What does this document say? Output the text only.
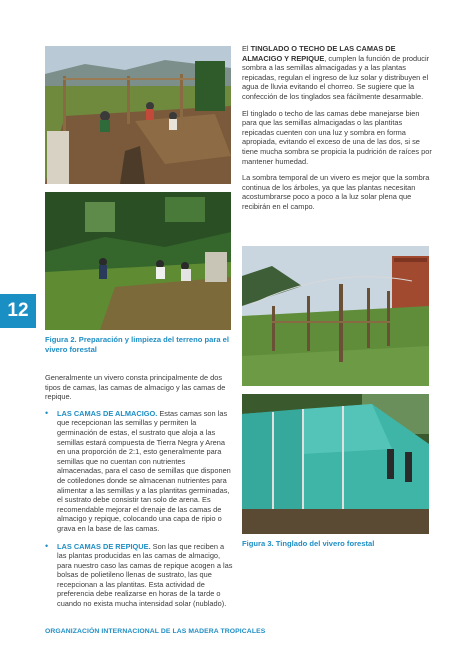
12

El TINGLADO O TECHO DE LAS CAMAS DE ALMACIGO Y REPIQUE, cumplen la función de producir sombra a las semillas almacigadas y a las plantas repicadas, regulan el ingreso de luz solar y distribuyen el agua de lluvia evitando el chorreo. Se sugiere que la confección de los tinglados sea fácilmente desarmable.

El tinglado o techo de las camas debe manejarse bien para que las semillas almacigadas o las plantitas repicadas cuenten con una luz y sombra en forma apropiada, evitando el exceso de una de las dos, si se tiene mucha sombra se propicia la pudrición de raíces por mantener humedad.

La sombra temporal de un vivero es mejor que la sombra continua de los árboles, ya que las plantas necesitan acostumbrarse poco a poco a la luz solar plena que recibirán en el campo.

Figura 2. Preparación y limpieza del terreno para el vivero forestal

Generalmente un vivero consta principalmente de dos tipos de camas, las camas de almacigo y las camas de repique.

• LAS CAMAS DE ALMACIGO. Estas camas son las que recepcionan las semillas y permiten la germinación de estas, el sustrato que aloja a las semillas estará compuesta de Tierra Negra y Arena en una proporción de 2:1, esto generalmente para semillas que no cuentan con nutrientes almacenadas, para el caso de semillas que disponen de cotiledones donde se almacenan nutrientes para alimentar a las semillas y a las plantitas germinadas, el sustrato debe consistir tan solo de arena. Es recomendable mejorar el drenaje de las camas de almacigo y repique, colocando una capa de ripio o grava en la base de las camas.
• LAS CAMAS DE REPIQUE. Son las que reciben a las plantas producidas en las camas de almacigo, para nuestro caso las camas de repique acogen a las bolsas de polietileno llenas de sustrato, las que recepcionan a las plantitas. Esta actividad de preferencia debe realizarse en horas de la tarde o cuando no exista mucha intensidad solar (nublado).
Figura 3. Tinglado del vivero forestal
ORGANIZACIÓN INTERNACIONAL DE LAS MADERA TROPICALES
